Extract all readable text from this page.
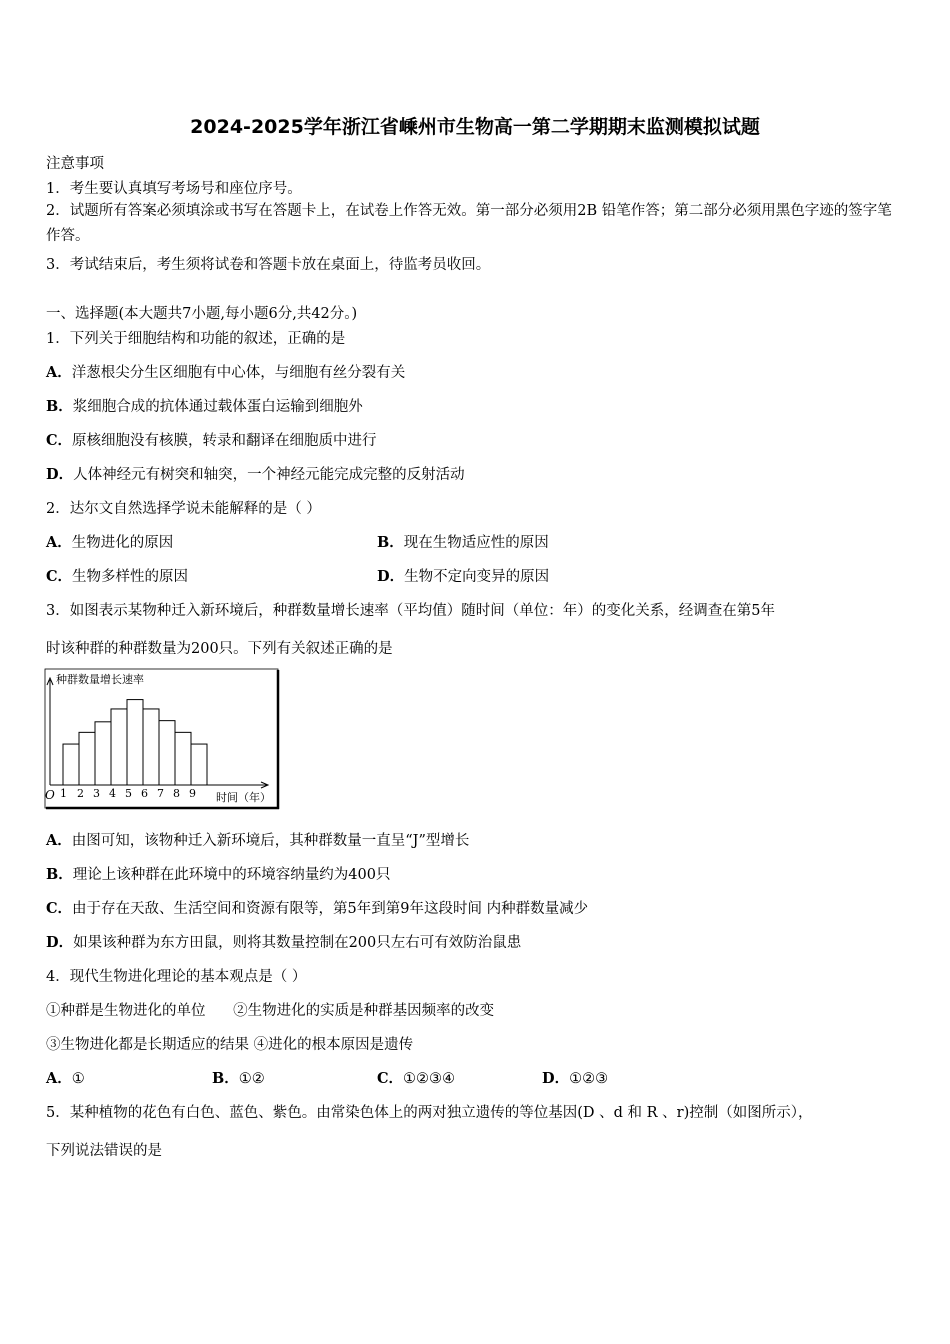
2024-2025学年浙江省嵊州市生物高一第二学期期末监测模拟试题
注意事项
1．考生要认真填写考场号和座位序号。
2．试题所有答案必须填涂或书写在答题卡上，在试卷上作答无效。第一部分必须用2B 铅笔作答；第二部分必须用黑色字迹的签字笔作答。
3．考试结束后，考生须将试卷和答题卡放在桌面上，待监考员收回。
一、选择题(本大题共7小题,每小题6分,共42分。)
1．下列关于细胞结构和功能的叙述，正确的是
A．洋葱根尖分生区细胞有中心体，与细胞有丝分裂有关
B．浆细胞合成的抗体通过载体蛋白运输到细胞外
C．原核细胞没有核膜，转录和翻译在细胞质中进行
D．人体神经元有树突和轴突，一个神经元能完成完整的反射活动
2．达尔文自然选择学说未能解释的是（ ）
A．生物进化的原因	B．现在生物适应性的原因
C．生物多样性的原因	D．生物不定向变异的原因
3．如图表示某物种迁入新环境后，种群数量增长速率（平均值）随时间（单位：年）的变化关系，经调查在第5年
时该种群的种群数量为200只。下列有关叙述正确的是
种群数量增长速率
O 1 2 3 4 5 6 7 8 9 时间（年）
A．由图可知，该物种迁入新环境后，其种群数量一直呈“J”型增长
B．理论上该种群在此环境中的环境容纳量约为400只
C．由于存在天敌、生活空间和资源有限等，第5年到第9年这段时间 内种群数量减少
D．如果该种群为东方田鼠，则将其数量控制在200只左右可有效防治鼠患
4．现代生物进化理论的基本观点是（ ）
①种群是生物进化的单位      ②生物进化的实质是种群基因频率的改变
③生物进化都是长期适应的结果 ④进化的根本原因是遗传
A．①	B．①②	C．①②③④	D．①②③
5．某种植物的花色有白色、蓝色、紫色。由常染色体上的两对独立遗传的等位基因(D 、d 和 R 、r)控制（如图所示），
下列说法错误的是
